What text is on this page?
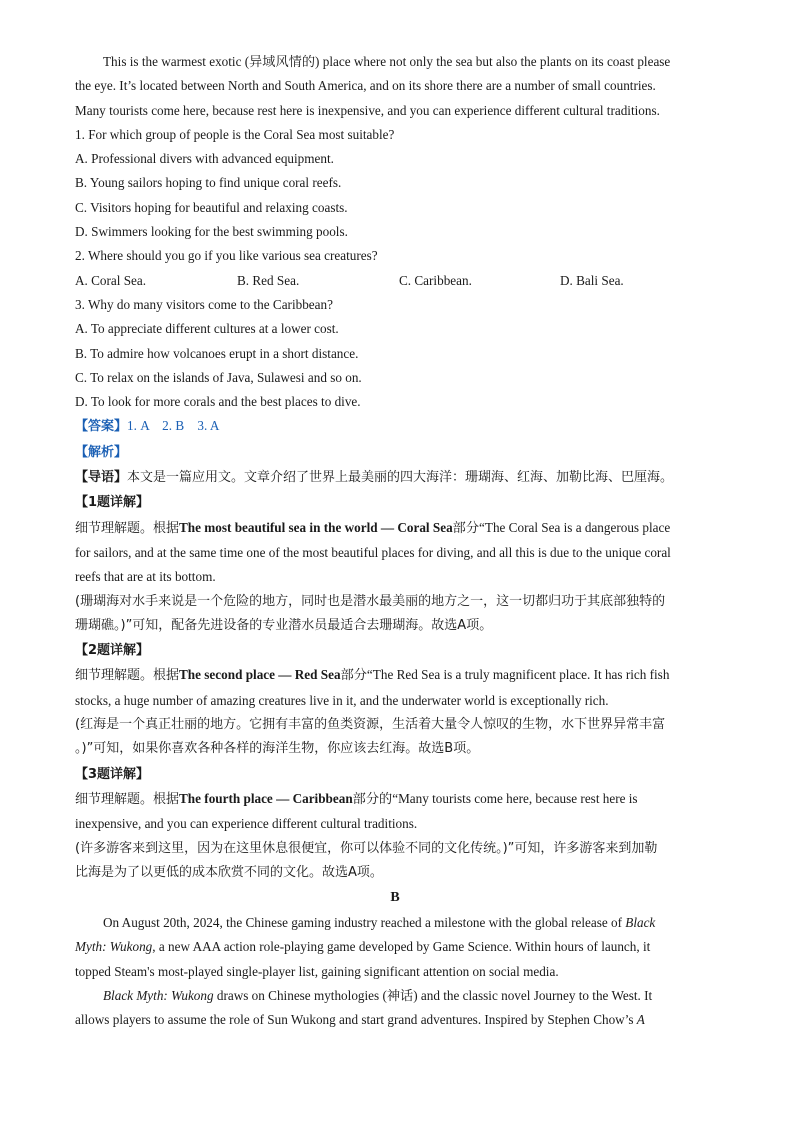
This is the warmest exotic (异域风情的) place where not only the sea but also the plants on its coast please
the eye. It’s located between North and South America, and on its shore there are a number of small countries.
Many tourists come here, because rest here is inexpensive, and you can experience different cultural traditions.
1. For which group of people is the Coral Sea most suitable?
A. Professional divers with advanced equipment.
B. Young sailors hoping to find unique coral reefs.
C. Visitors hoping for beautiful and relaxing coasts.
D. Swimmers looking for the best swimming pools.
2. Where should you go if you like various sea creatures?
A. Coral Sea.	B. Red Sea.	C. Caribbean.	D. Bali Sea.
3. Why do many visitors come to the Caribbean?
A. To appreciate different cultures at a lower cost.
B. To admire how volcanoes erupt in a short distance.
C. To relax on the islands of Java, Sulawesi and so on.
D. To look for more corals and the best places to dive.
【答案】1. A    2. B    3. A
【解析】
【导语】本文是一篇应用文。文章介绍了世界上最美丽的四大海洋：珊瑚海、红海、加勒比海、巴厘海。
【1题详解】
细节理解题。根据The most beautiful sea in the world — Coral Sea部分“The Coral Sea is a dangerous place
for sailors, and at the same time one of the most beautiful places for diving, and all this is due to the unique coral
reefs that are at its bottom.
(珊瑚海对水手来说是一个危险的地方，同时也是潜水最美丽的地方之一，这一切都归功于其底部独特的
珊瑚礁。)”可知，配备先进设备的专业潜水员最适合去珊瑚海。故选A项。
【2题详解】
细节理解题。根据The second place — Red Sea部分“The Red Sea is a truly magnificent place. It has rich fish
stocks, a huge number of amazing creatures live in it, and the underwater world is exceptionally rich.
(红海是一个真正壮丽的地方。它拥有丰富的鱼类资源，生活着大量令人惊叹的生物，水下世界异常丰富
。)”可知，如果你喜欢各种各样的海洋生物，你应该去红海。故选B项。
【3题详解】
细节理解题。根据The fourth place — Caribbean部分的“Many tourists come here, because rest here is
inexpensive, and you can experience different cultural traditions.
(许多游客来到这里，因为在这里休息很便宜，你可以体验不同的文化传统。)”可知，许多游客来到加勒
比海是为了以更低的成本欣赏不同的文化。故选A项。
B
On August 20th, 2024, the Chinese gaming industry reached a milestone with the global release of Black
Myth: Wukong, a new AAA action role-playing game developed by Game Science. Within hours of launch, it
topped Steam's most-played single-player list, gaining significant attention on social media.
Black Myth: Wukong draws on Chinese mythologies (神话) and the classic novel Journey to the West. It
allows players to assume the role of Sun Wukong and start grand adventures. Inspired by Stephen Chow’s A
